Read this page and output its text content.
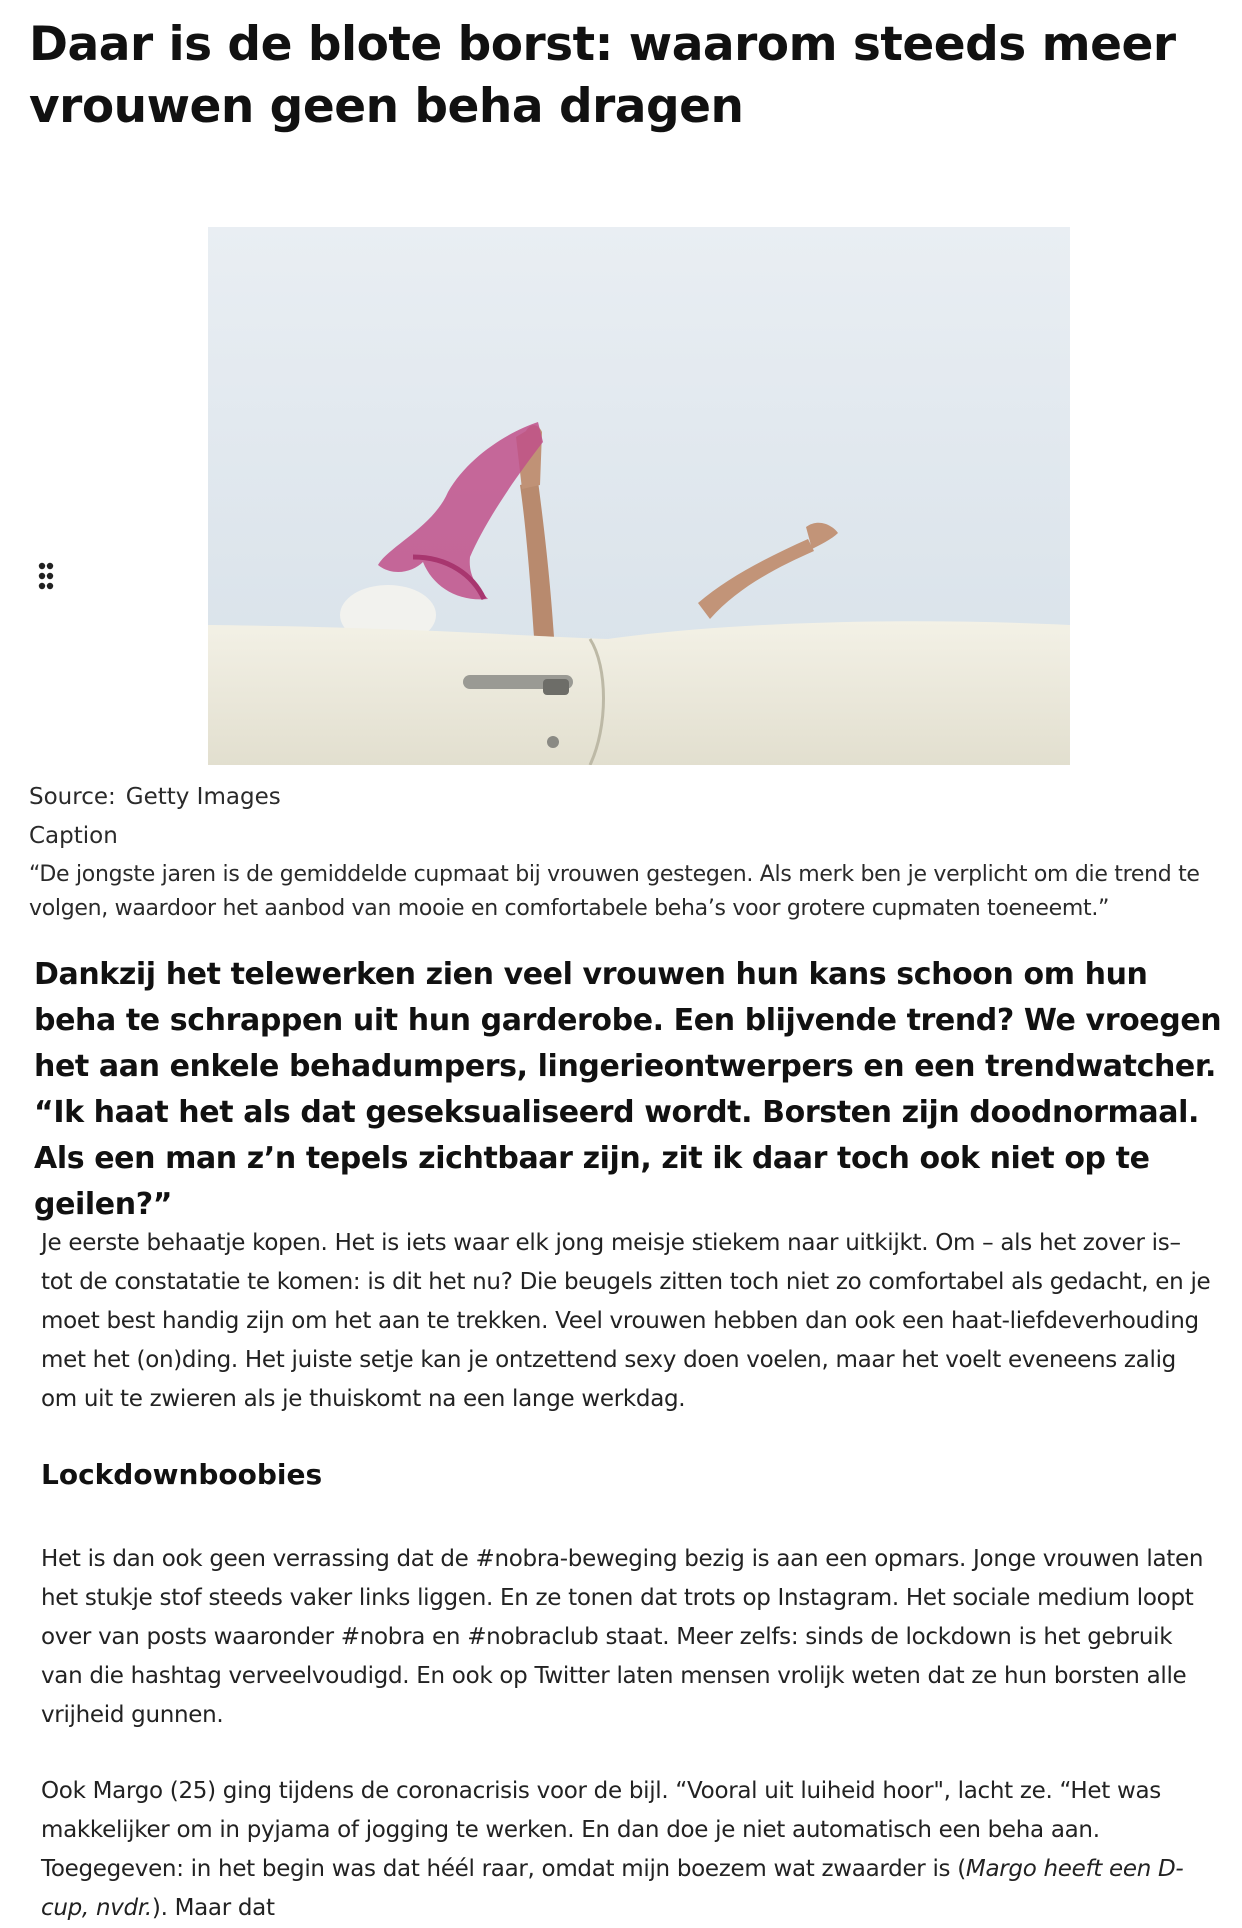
Daar is de blote borst: waarom steeds meer vrouwen geen beha dragen
Source: Getty Images
Caption

“De jongste jaren is de gemiddelde cupmaat bij vrouwen gestegen. Als merk ben je verplicht om die trend te volgen, waardoor het aanbod van mooie en comfortabele beha’s voor grotere cupmaten toeneemt.”

Dankzij het telewerken zien veel vrouwen hun kans schoon om hun beha te schrappen uit hun garderobe. Een blijvende trend? We vroegen het aan enkele behadumpers, lingerieontwerpers en een trendwatcher. “Ik haat het als dat geseksualiseerd wordt. Borsten zijn doodnormaal. Als een man z’n tepels zichtbaar zijn, zit ik daar toch ook niet op te geilen?”

Je eerste behaatje kopen. Het is iets waar elk jong meisje stiekem naar uitkijkt. Om – als het zover is– tot de constatatie te komen: is dit het nu? Die beugels zitten toch niet zo comfortabel als gedacht, en je moet best handig zijn om het aan te trekken. Veel vrouwen hebben dan ook een haat-liefdeverhouding met het (on)ding. Het juiste setje kan je ontzettend sexy doen voelen, maar het voelt eveneens zalig om uit te zwieren als je thuiskomt na een lange werkdag.

Lockdownboobies

Het is dan ook geen verrassing dat de #nobra-beweging bezig is aan een opmars. Jonge vrouwen laten het stukje stof steeds vaker links liggen. En ze tonen dat trots op Instagram. Het sociale medium loopt over van posts waaronder #nobra en #nobraclub staat. Meer zelfs: sinds de lockdown is het gebruik van die hashtag verveelvoudigd. En ook op Twitter laten mensen vrolijk weten dat ze hun borsten alle vrijheid gunnen.

Ook Margo (25) ging tijdens de coronacrisis voor de bijl. “Vooral uit luiheid hoor", lacht ze. “Het was makkelijker om in pyjama of jogging te werken. En dan doe je niet automatisch een beha aan. Toegegeven: in het begin was dat héél raar, omdat mijn boezem wat zwaarder is (Margo heeft een D-cup, nvdr.). Maar dat
